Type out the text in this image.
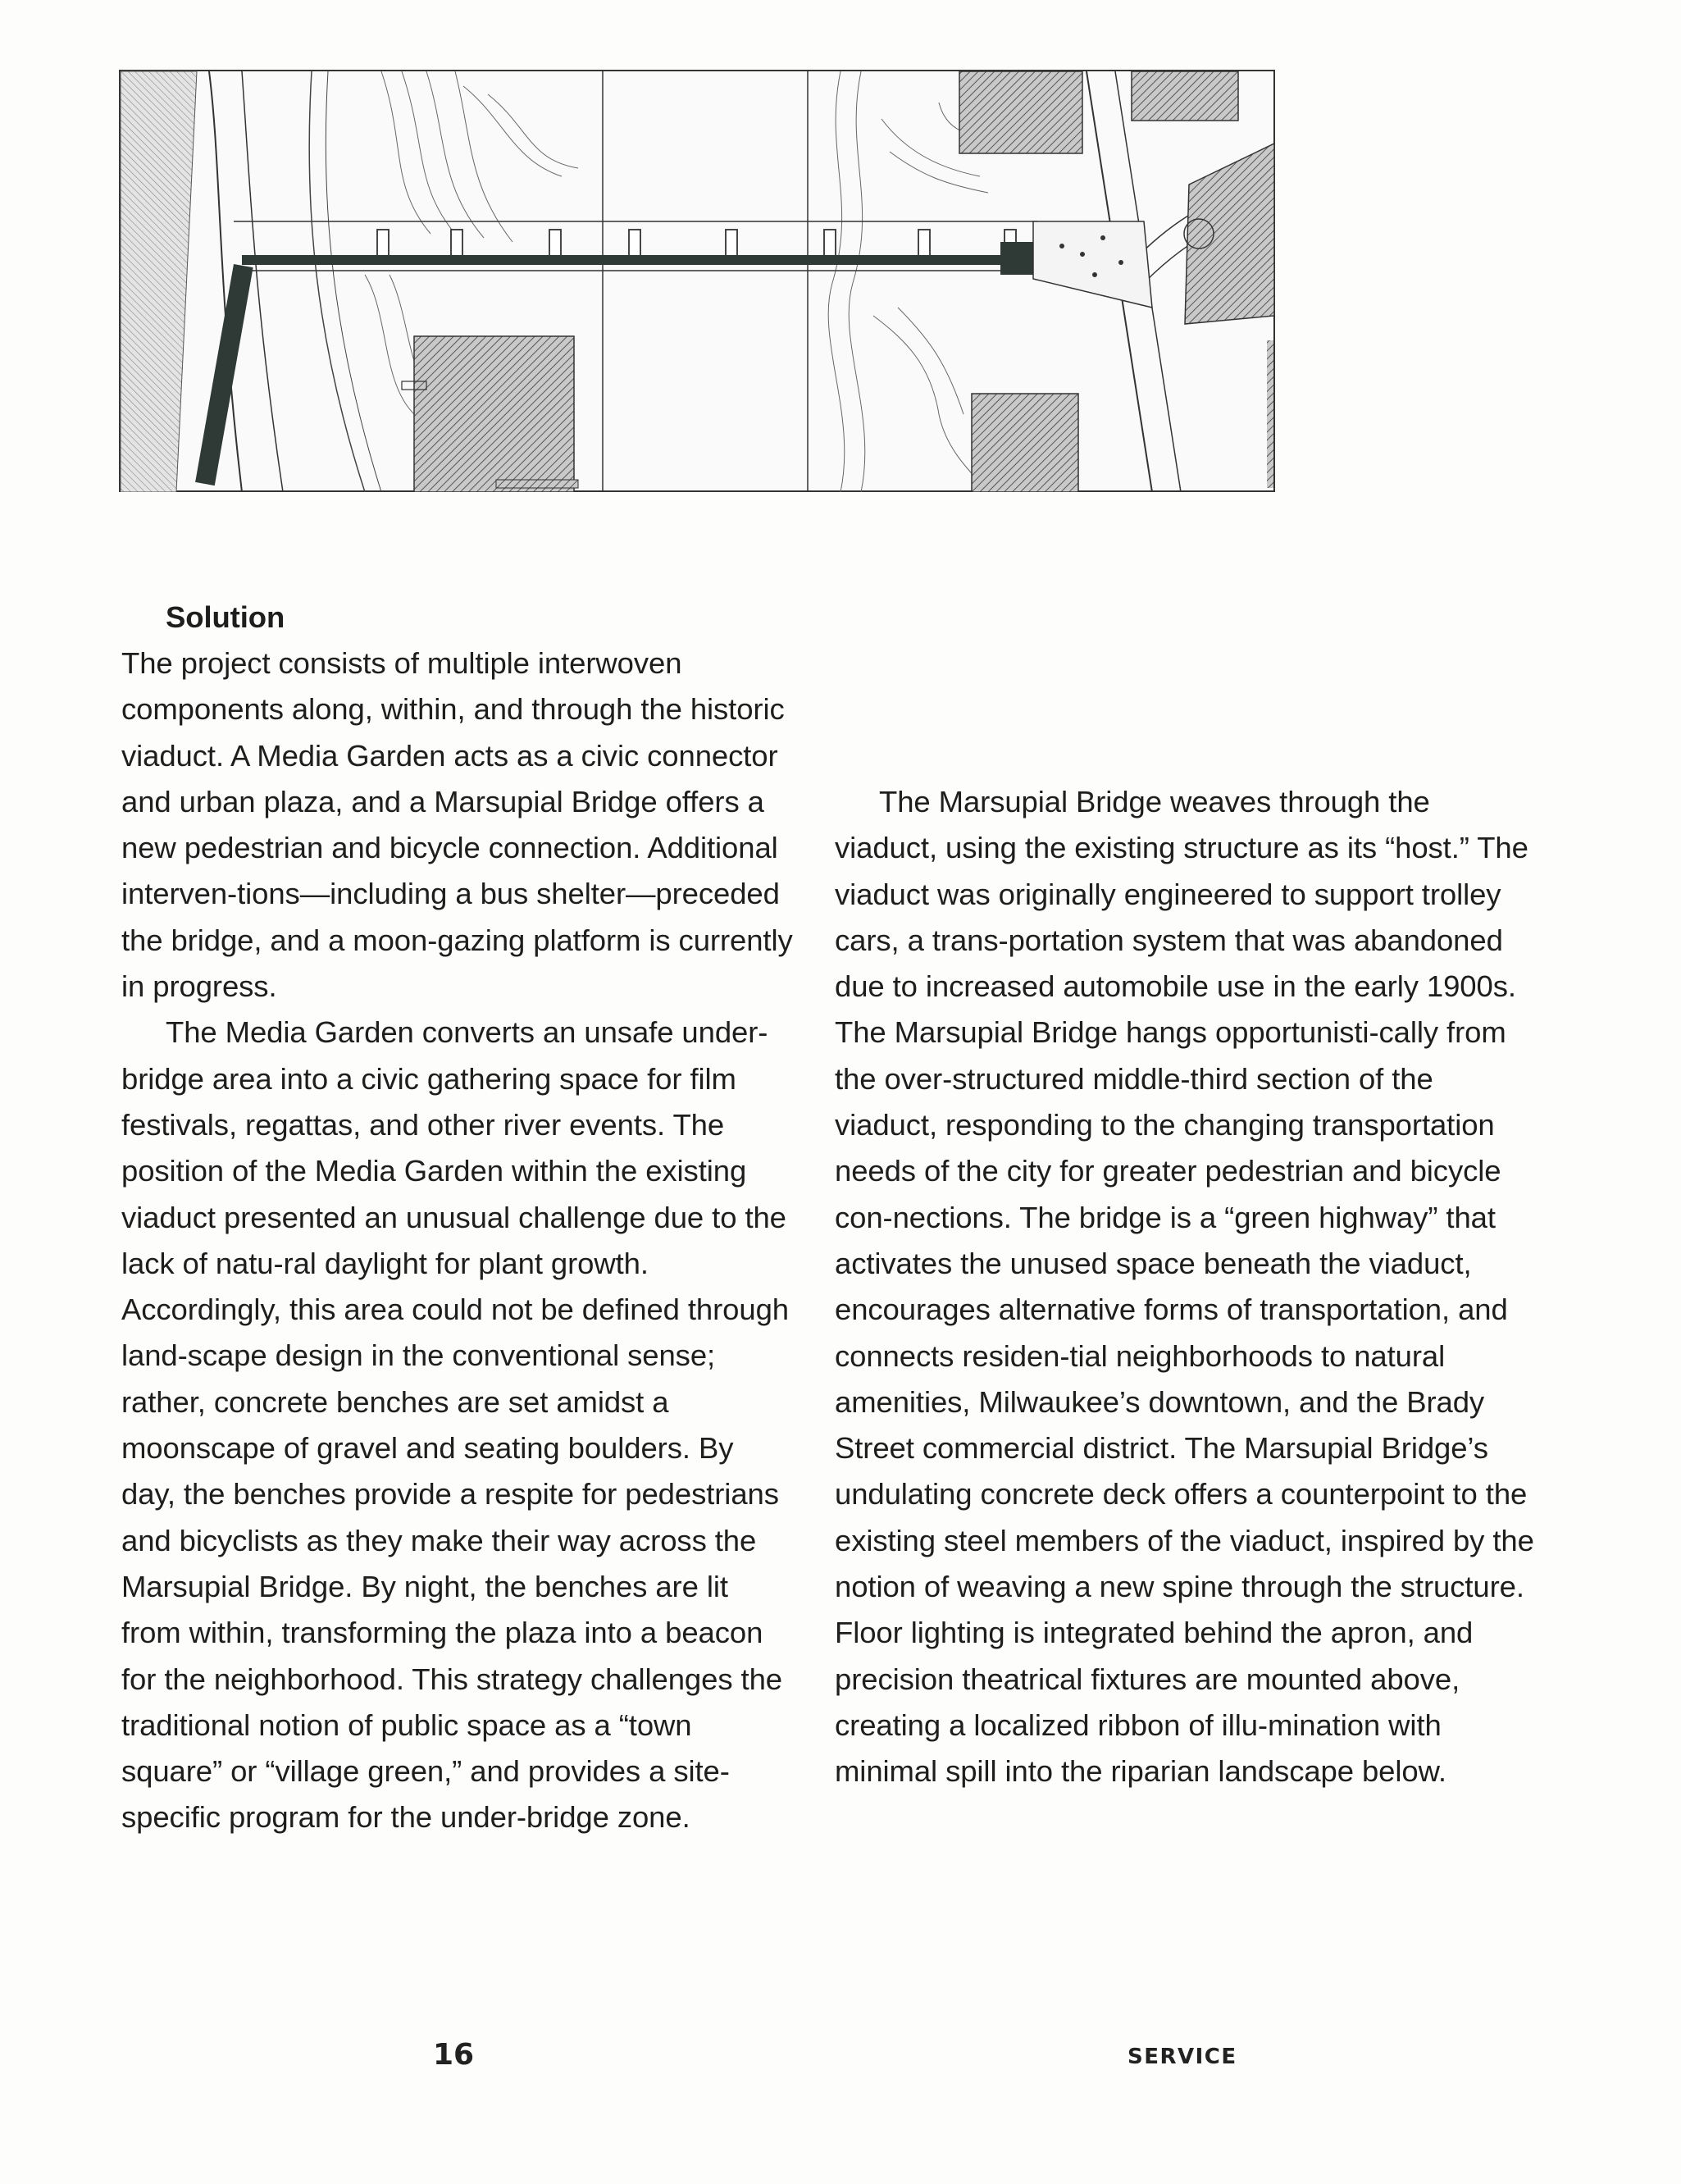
Solution

The project consists of multiple interwoven components along, within, and through the historic viaduct. A Media Garden acts as a civic connector and urban plaza, and a Marsupial Bridge offers a new pedestrian and bicycle connection. Additional interven-tions—including a bus shelter—preceded the bridge, and a moon-gazing platform is currently in progress.

The Media Garden converts an unsafe under-bridge area into a civic gathering space for film festivals, regattas, and other river events. The position of the Media Garden within the existing viaduct presented an unusual challenge due to the lack of natu-ral daylight for plant growth. Accordingly, this area could not be defined through land-scape design in the conventional sense; rather, concrete benches are set amidst a moonscape of gravel and seating boulders. By day, the benches provide a respite for pedestrians and bicyclists as they make their way across the Marsupial Bridge. By night, the benches are lit from within, transforming the plaza into a beacon for the neighborhood. This strategy challenges the traditional notion of public space as a “town square” or “village green,” and provides a site-specific program for the under-bridge zone.

The Marsupial Bridge weaves through the viaduct, using the existing structure as its “host.” The viaduct was originally engineered to support trolley cars, a trans-portation system that was abandoned due to increased automobile use in the early 1900s. The Marsupial Bridge hangs opportunisti-cally from the over-structured middle-third section of the viaduct, responding to the changing transportation needs of the city for greater pedestrian and bicycle con-nections. The bridge is a “green highway” that activates the unused space beneath the viaduct, encourages alternative forms of transportation, and connects residen-tial neighborhoods to natural amenities, Milwaukee’s downtown, and the Brady Street commercial district. The Marsupial Bridge’s undulating concrete deck offers a counterpoint to the existing steel members of the viaduct, inspired by the notion of weaving a new spine through the structure. Floor lighting is integrated behind the apron, and precision theatrical fixtures are mounted above, creating a localized ribbon of illu-mination with minimal spill into the riparian landscape below.

16	SERVICE
